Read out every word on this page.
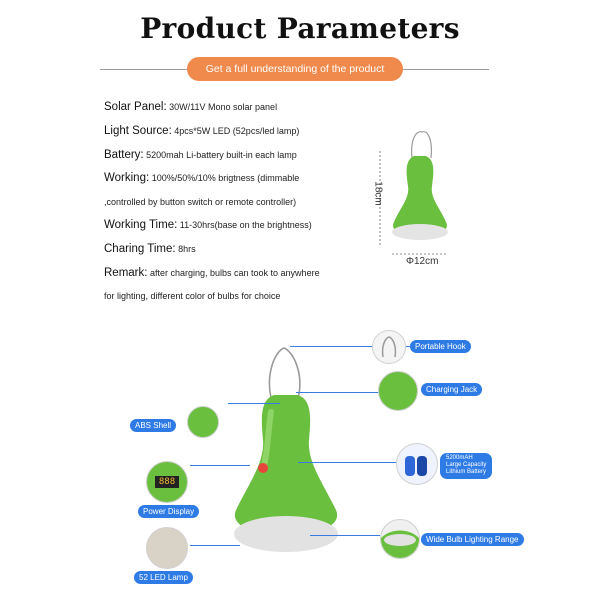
Product Parameters
Get a full understanding of the product
Solar Panel: 30W/11V Mono solar panel
Light Source: 4pcs*5W LED (52pcs/led lamp)
Battery: 5200mah Li-battery built-in each lamp
Working: 100%/50%/10% brigtness (dimmable
,controlled by button switch or remote controller)
Working Time: 11-30hrs(base on the brightness)
Charing Time: 8hrs
Remark: after charging, bulbs can took to anywhere
for lighting, different color of bulbs for choice
18cm
Φ12cm
888
Portable Hook
Charging Jack
ABS Shell
5200mAH
Large Capacity
Lithium Battery
Power Display
Wide Bulb Lighting Range
52 LED Lamp
